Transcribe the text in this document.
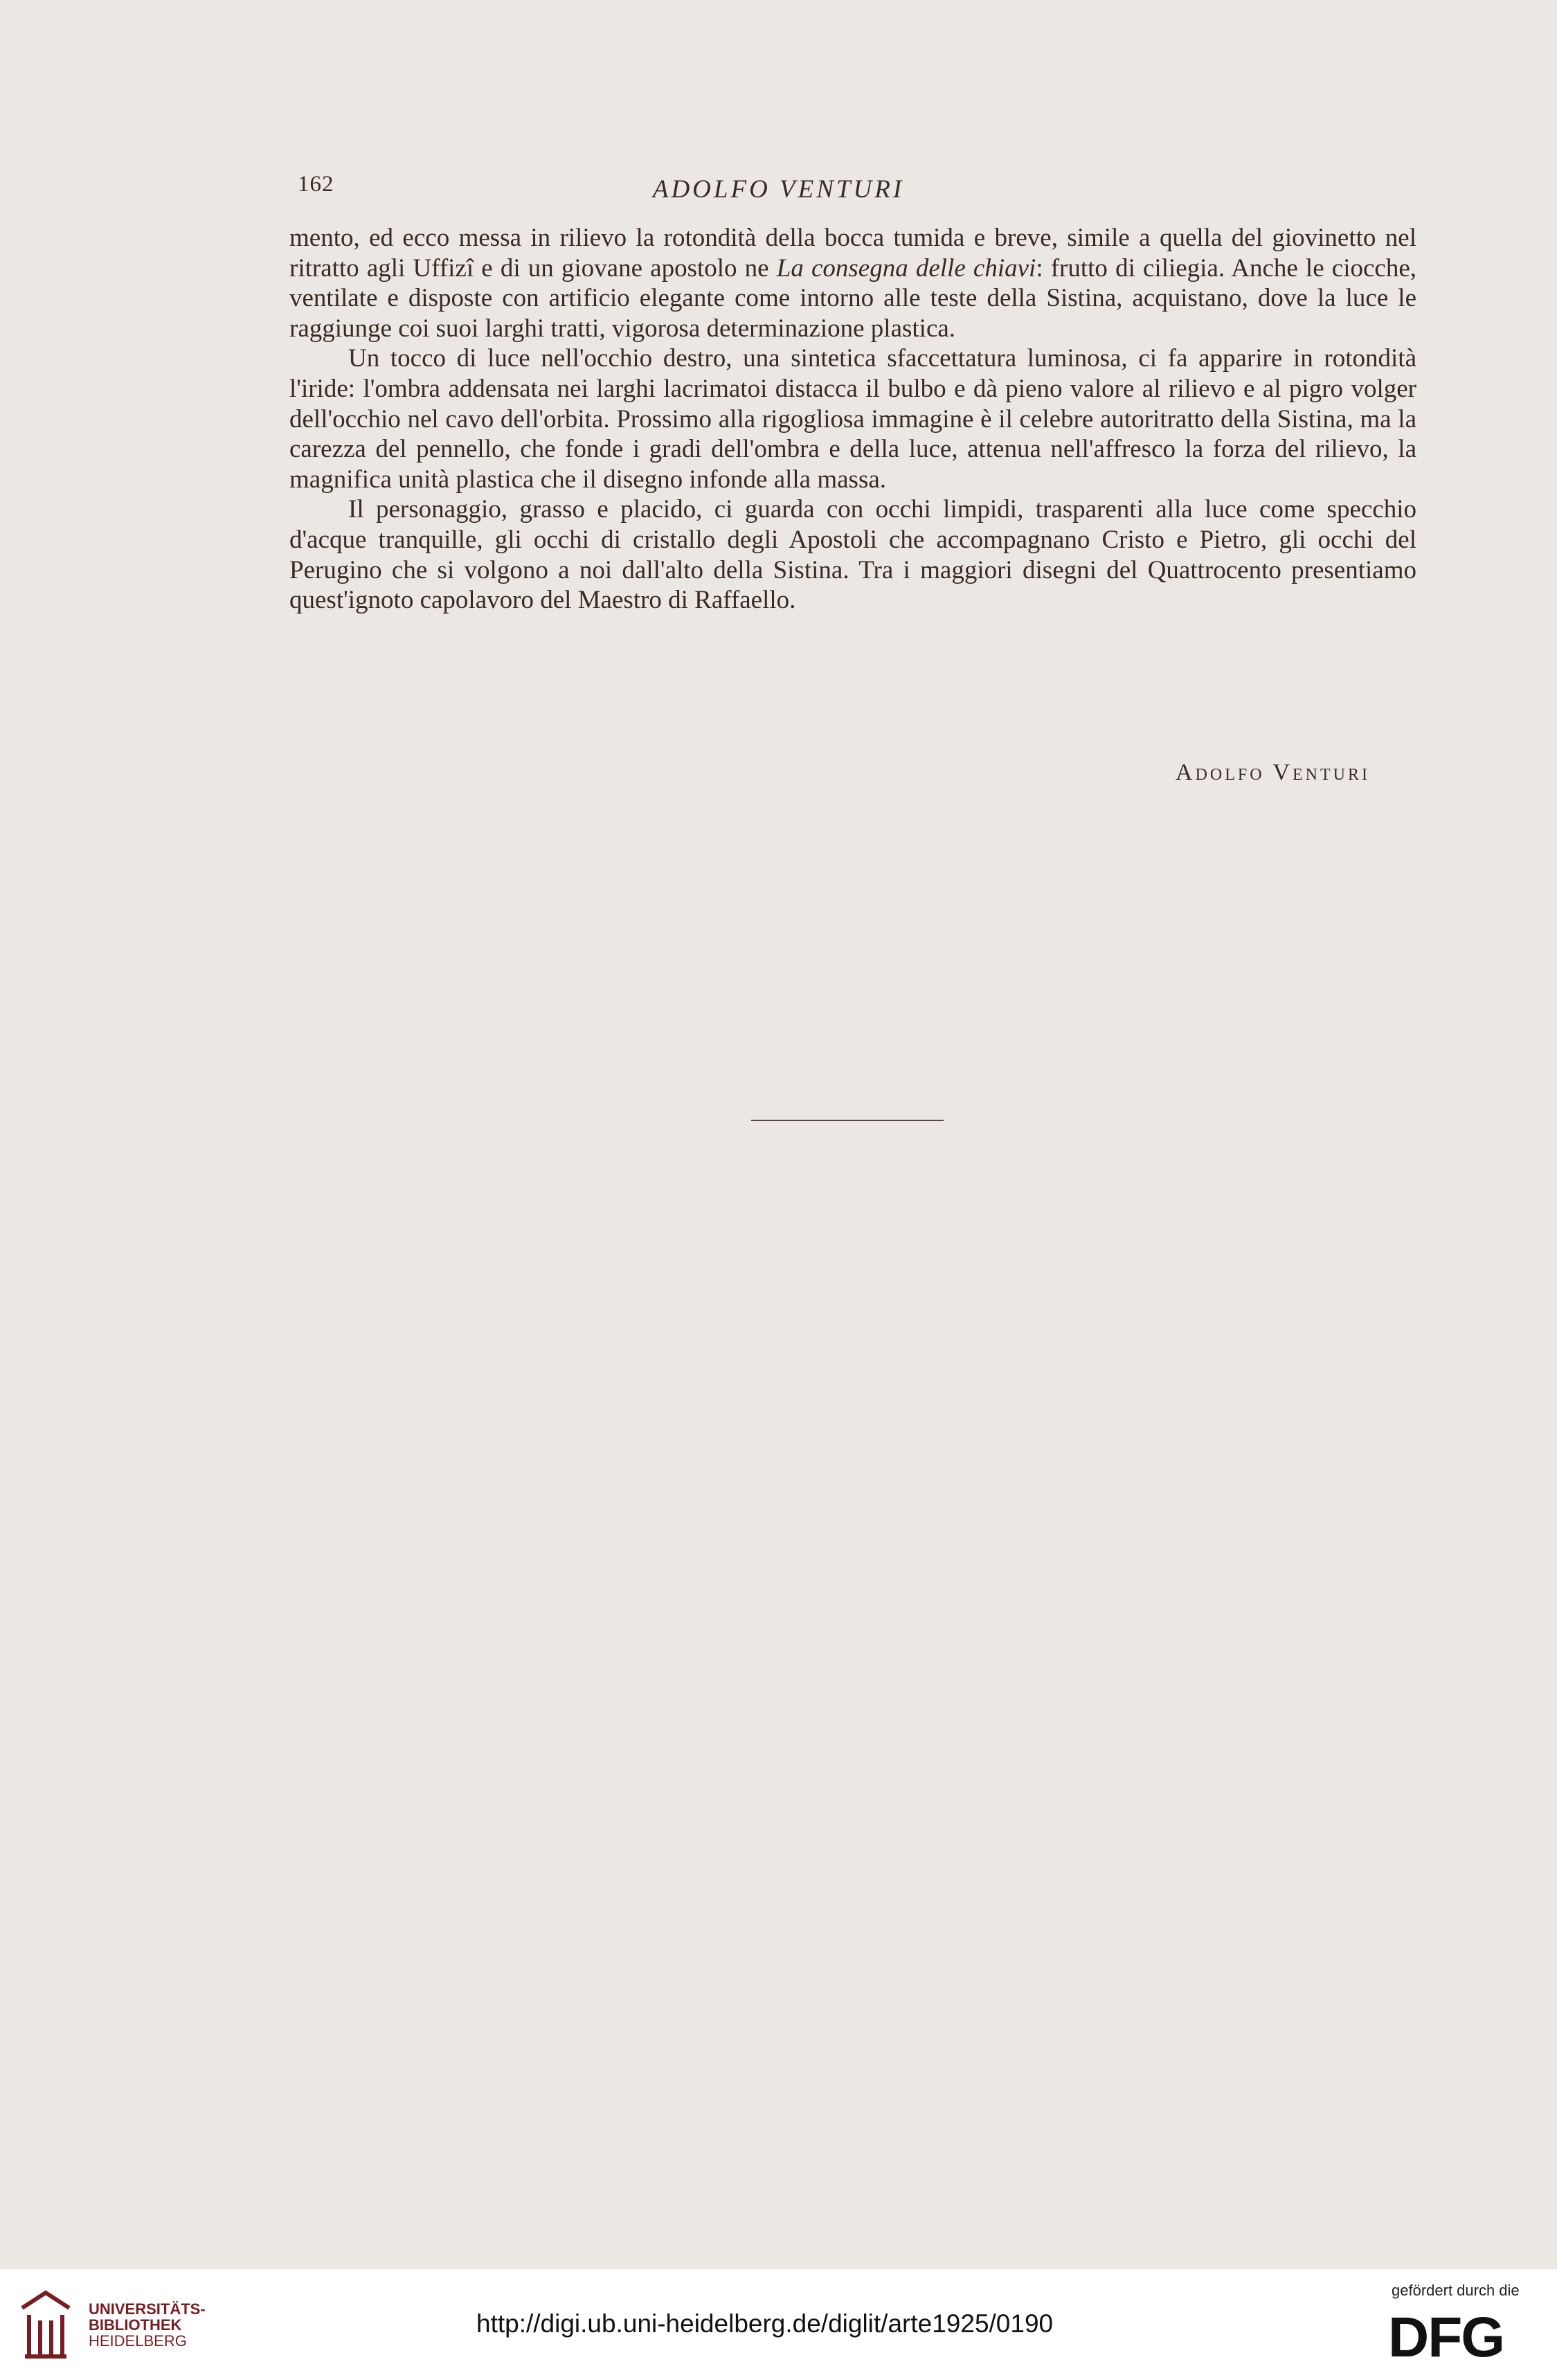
162	ADOLFO VENTURI

mento, ed ecco messa in rilievo la rotondità della bocca tumida e breve, simile a quella del giovinetto nel ritratto agli Uffizî e di un giovane apostolo ne La consegna delle chiavi: frutto di ciliegia. Anche le ciocche, ventilate e disposte con artificio elegante come intorno alle teste della Sistina, acquistano, dove la luce le raggiunge coi suoi larghi tratti, vigorosa determinazione plastica.

Un tocco di luce nell'occhio destro, una sintetica sfaccettatura luminosa, ci fa apparire in rotondità l'iride: l'ombra addensata nei larghi lacrimatoi distacca il bulbo e dà pieno valore al rilievo e al pigro volger dell'occhio nel cavo dell'orbita. Prossimo alla rigogliosa immagine è il celebre autoritratto della Sistina, ma la carezza del pennello, che fonde i gradi dell'ombra e della luce, attenua nell'affresco la forza del rilievo, la magnifica unità plastica che il disegno infonde alla massa.

Il personaggio, grasso e placido, ci guarda con occhi limpidi, trasparenti alla luce come specchio d'acque tranquille, gli occhi di cristallo degli Apostoli che accompagnano Cristo e Pietro, gli occhi del Perugino che si volgono a noi dall'alto della Sistina. Tra i maggiori disegni del Quattrocento presentiamo quest'ignoto capolavoro del Maestro di Raffaello.

Adolfo Venturi
UNIVERSITÄTS-
BIBLIOTHEK
HEIDELBERG
http://digi.ub.uni-heidelberg.de/diglit/arte1925/0190
gefördert durch die
DFG
